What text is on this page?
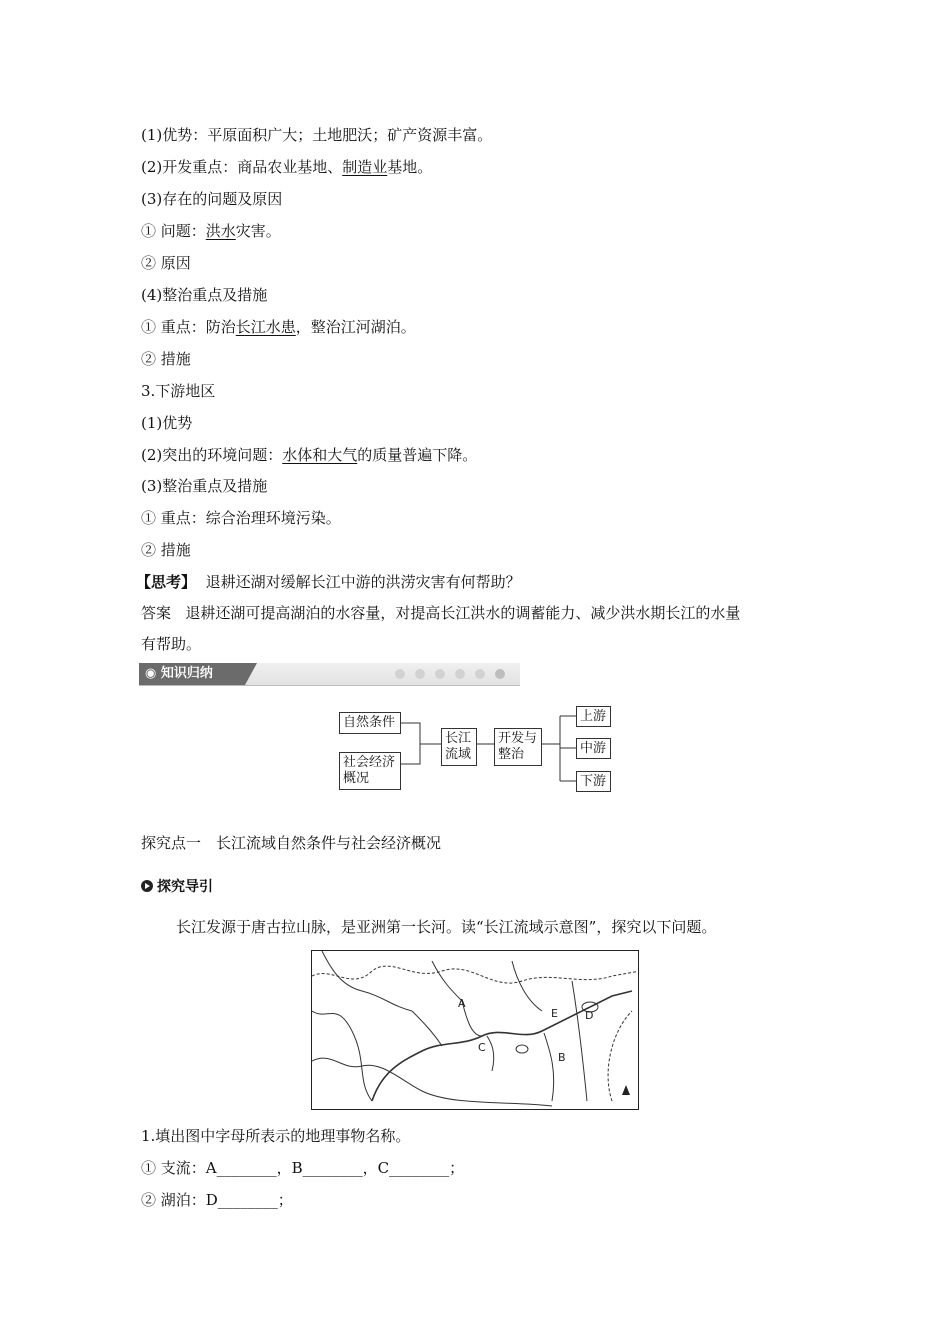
(1)优势：平原面积广大；土地肥沃；矿产资源丰富。
(2)开发重点：商品农业基地、制造业基地。
(3)存在的问题及原因
① 问题：洪水灾害。
② 原因
(4)整治重点及措施
① 重点：防治长江水患，整治江河湖泊。
② 措施
3.下游地区
(1)优势
(2)突出的环境问题：水体和大气的质量普遍下降。
(3)整治重点及措施
① 重点：综合治理环境污染。
② 措施
【思考】 退耕还湖对缓解长江中游的洪涝灾害有何帮助？
答案 退耕还湖可提高湖泊的水容量，对提高长江洪水的调蓄能力、减少洪水期长江的水量
有帮助。
◉ 知识归纳
自然条件
社会经济
概况
长江
流域
开发与
整治
上游
中游
下游
探究点一　长江流域自然条件与社会经济概况
探究导引
长江发源于唐古拉山脉，是亚洲第一长河。读“长江流域示意图”，探究以下问题。
A
B
C
D
E
1.填出图中字母所表示的地理事物名称。
① 支流：A________，B________，C________；
② 湖泊：D________；
